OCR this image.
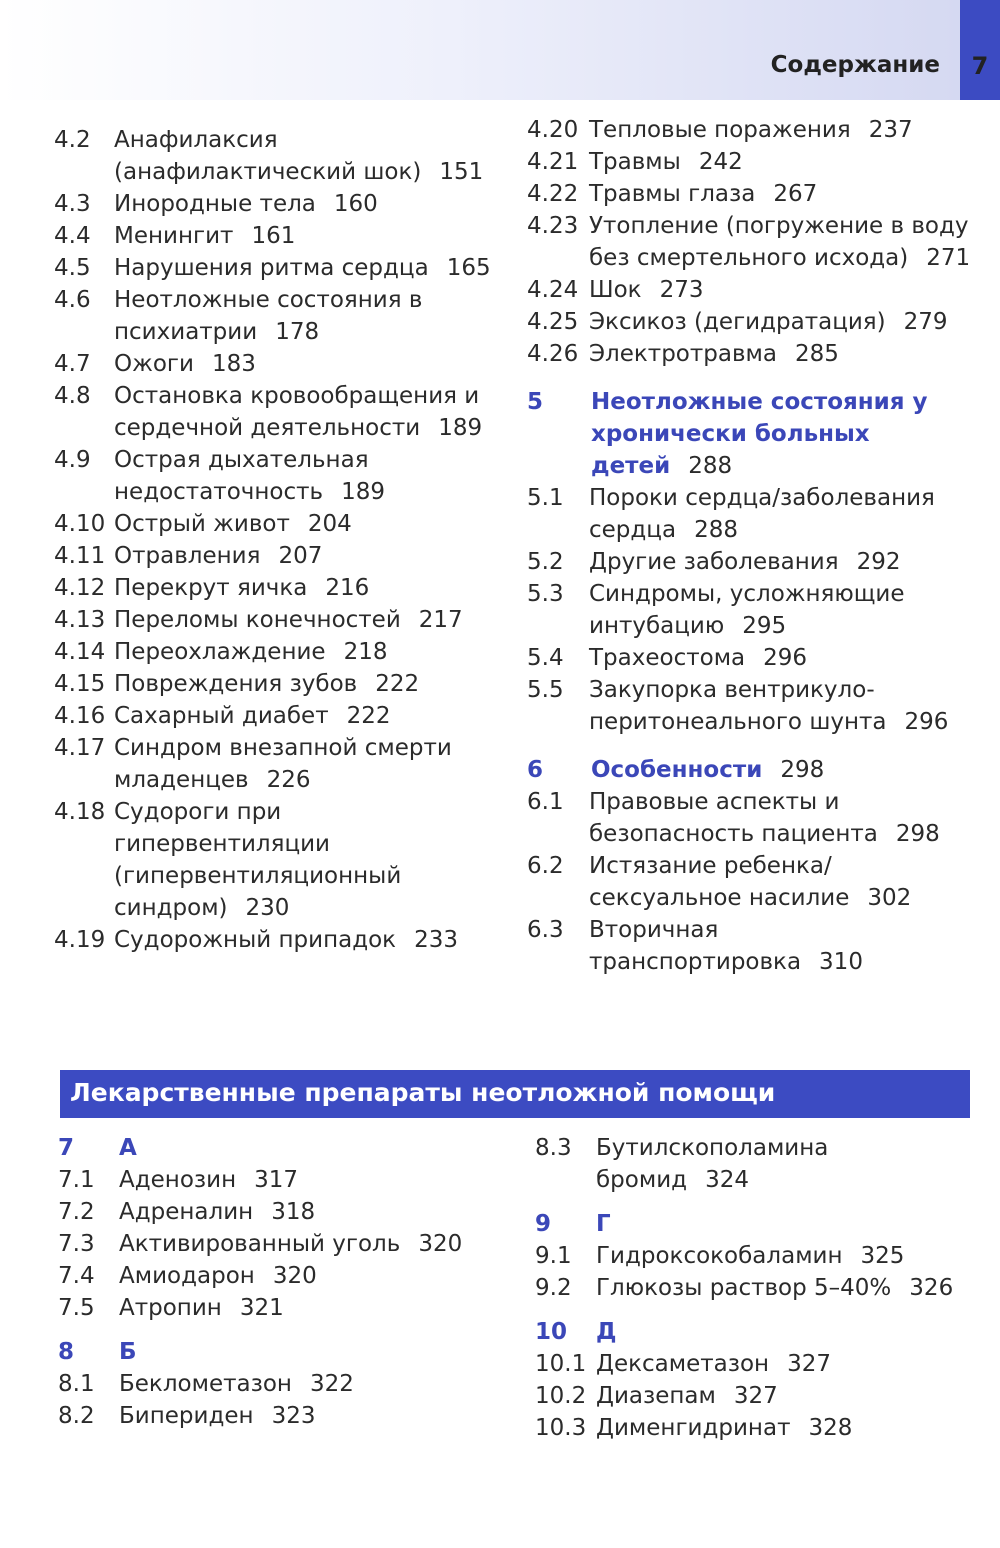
Содержание	7
4.2	Анафилаксия (анафилактический шок) 151
4.3	Инородные тела 160
4.4	Менингит 161
4.5	Нарушения ритма сердца 165
4.6	Неотложные состояния в психиатрии 178
4.7	Ожоги 183
4.8	Остановка кровообращения и сердечной деятельности 189
4.9	Острая дыхательная недостаточность 189
4.10 Острый живот 204
4.11 Отравления 207
4.12 Перекрут яичка 216
4.13 Переломы конечностей 217
4.14 Переохлаждение 218
4.15 Повреждения зубов 222
4.16 Сахарный диабет 222
4.17 Синдром внезапной смерти младенцев 226
4.18 Судороги при гипервентиляции (гипервентиляционный синдром) 230
4.19 Судорожный припадок 233
4.20 Тепловые поражения 237
4.21 Травмы 242
4.22 Травмы глаза 267
4.23 Утопление (погружение в воду без смертельного исхода) 271
4.24 Шок 273
4.25 Эксикоз (дегидратация) 279
4.26 Электротравма 285
5	Неотложные состояния у хронически больных детей 288
5.1	Пороки сердца/заболевания сердца 288
5.2	Другие заболевания 292
5.3	Синдромы, усложняющие интубацию 295
5.4	Трахеостома 296
5.5	Закупорка вентрикуло-перитонеального шунта 296
6	Особенности 298
6.1	Правовые аспекты и безопасность пациента 298
6.2	Истязание ребенка/сексуальное насилие 302
6.3	Вторичная транспортировка 310
Лекарственные препараты неотложной помощи
7	А
7.1	Аденозин 317
7.2	Адреналин 318
7.3	Активированный уголь 320
7.4	Амиодарон 320
7.5	Атропин 321
8	Б
8.1	Беклометазон 322
8.2	Бипериден 323
8.3	Бутилскополамина бромид 324
9	Г
9.1	Гидроксокобаламин 325
9.2	Глюкозы раствор 5–40% 326
10	Д
10.1 Дексаметазон 327
10.2 Диазепам 327
10.3 Дименгидринат 328
